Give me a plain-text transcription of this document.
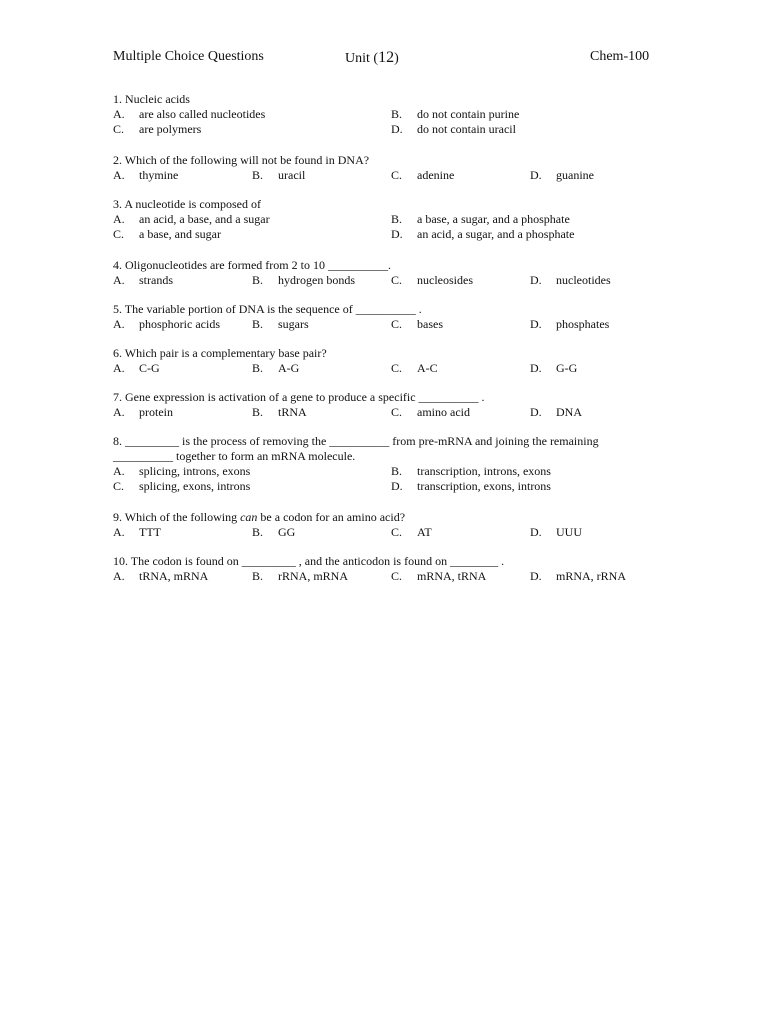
Multiple Choice Questions	Unit (12)	Chem-100
1. Nucleic acids
A. are also called nucleotides	B. do not contain purine
C. are polymers	D. do not contain uracil
2. Which of the following will not be found in DNA?
A. thymine	B. uracil	C. adenine	D. guanine
3. A nucleotide is composed of
A. an acid, a base, and a sugar	B. a base, a sugar, and a phosphate
C. a base, and sugar	D. an acid, a sugar, and a phosphate
4. Oligonucleotides are formed from 2 to 10 __________.
A. strands	B. hydrogen bonds	C. nucleosides	D. nucleotides
5. The variable portion of DNA is the sequence of __________ .
A. phosphoric acids	B. sugars	C. bases	D. phosphates
6. Which pair is a complementary base pair?
A. C-G	B. A-G	C. A-C	D. G-G
7. Gene expression is activation of a gene to produce a specific __________ .
A. protein	B. tRNA	C. amino acid	D. DNA
8. _________ is the process of removing the __________ from pre-mRNA and joining the remaining
__________ together to form an mRNA molecule.
A. splicing, introns, exons	B. transcription, introns, exons
C. splicing, exons, introns	D. transcription, exons, introns
9. Which of the following can be a codon for an amino acid?
A. TTT	B. GG	C. AT	D. UUU
10. The codon is found on _________ , and the anticodon is found on ________ .
A. tRNA, mRNA	B. rRNA, mRNA	C. mRNA, tRNA	D. mRNA, rRNA
